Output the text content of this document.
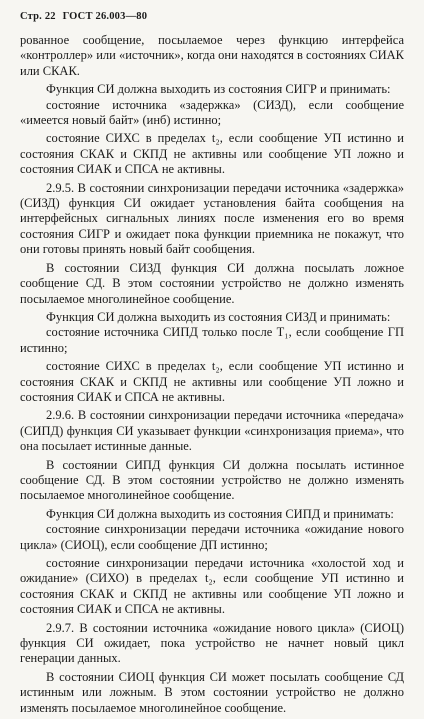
Стр. 22 ГОСТ 26.003—80

рованное сообщение, посылаемое через функцию интерфейса «контроллер» или «источник», когда они находятся в состояниях СИАК или СКАК.

Функция СИ должна выходить из состояния СИГР и принимать:

состояние источника «задержка» (СИЗД), если сообщение «имеется новый байт» (инб) истинно;

состояние СИХС в пределах t₂, если сообщение УП истинно и состояния СКАК и СКПД не активны или сообщение УП ложно и состояния СИАК и СПСА не активны.

2.9.5. В состоянии синхронизации передачи источника «задержка» (СИЗД) функция СИ ожидает установления байта сообщения на интерфейсных сигнальных линиях после изменения его во время состояния СИГР и ожидает пока функции приемника не покажут, что они готовы принять новый байт сообщения.

В состоянии СИЗД функция СИ должна посылать ложное сообщение СД. В этом состоянии устройство не должно изменять посылаемое многолинейное сообщение.

Функция СИ должна выходить из состояния СИЗД и принимать:

состояние источника СИПД только после T₁, если сообщение ГП истинно;

состояние СИХС в пределах t₂, если сообщение УП истинно и состояния СКАК и СКПД не активны или сообщение УП ложно и состояния СИАК и СПСА не активны.

2.9.6. В состоянии синхронизации передачи источника «передача» (СИПД) функция СИ указывает функции «синхронизация приема», что она посылает истинные данные.

В состоянии СИПД функция СИ должна посылать истинное сообщение СД. В этом состоянии устройство не должно изменять посылаемое многолинейное сообщение.

Функция СИ должна выходить из состояния СИПД и принимать:

состояние синхронизации передачи источника «ожидание нового цикла» (СИОЦ), если сообщение ДП истинно;

состояние синхронизации передачи источника «холостой ход и ожидание» (СИХО) в пределах t₂, если сообщение УП истинно и состояния СКАК и СКПД не активны или сообщение УП ложно и состояния СИАК и СПСА не активны.

2.9.7. В состоянии источника «ожидание нового цикла» (СИОЦ) функция СИ ожидает, пока устройство не начнет новый цикл генерации данных.

В состоянии СИОЦ функция СИ может посылать сообщение СД истинным или ложным. В этом состоянии устройство не должно изменять посылаемое многолинейное сообщение.
